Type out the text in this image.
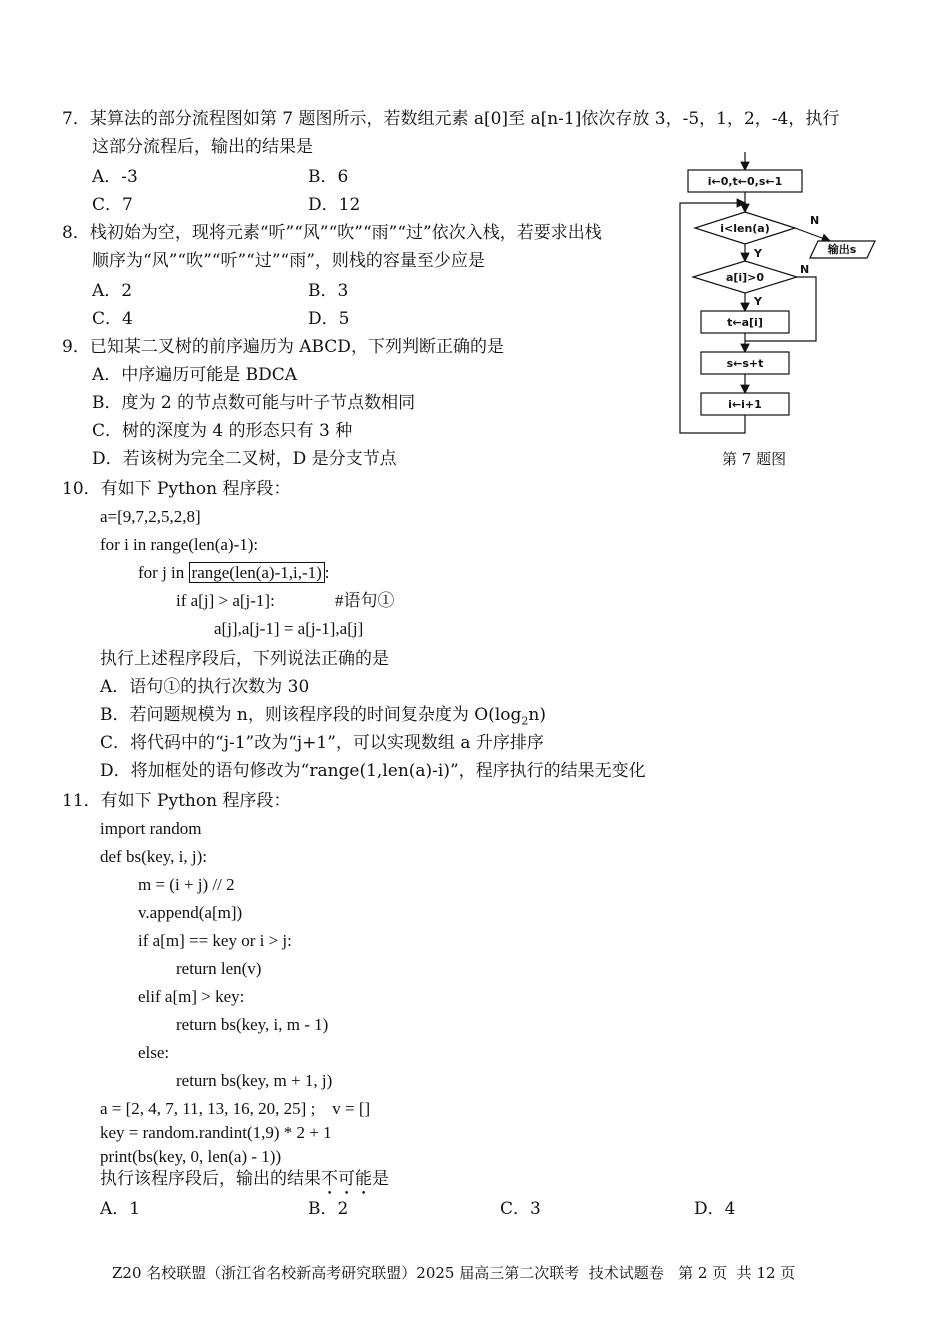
7．某算法的部分流程图如第 7 题图所示，若数组元素 a[0]至 a[n-1]依次存放 3，-5，1，2，-4，执行
这部分流程后，输出的结果是
A．-3	B．6
C．7	D．12
i←0,t←0,s←1
i<len(a)
N
输出s
Y
a[i]>0
N
Y
t←a[i]
s←s+t
i←i+1
第 7 题图
8．栈初始为空，现将元素“听”“风”“吹”“雨”“过”依次入栈，若要求出栈
顺序为“风”“吹”“听”“过”“雨”，则栈的容量至少应是
A．2	B．3
C．4	D．5
9．已知某二叉树的前序遍历为 ABCD，下列判断正确的是
A．中序遍历可能是 BDCA
B．度为 2 的节点数可能与叶子节点数相同
C．树的深度为 4 的形态只有 3 种
D．若该树为完全二叉树，D 是分支节点
10．有如下 Python 程序段：
a=[9,7,2,5,2,8]
for i in range(len(a)-1):
for j in range(len(a)-1,i,-1) :
if a[j] > a[j-1]:	#语句①
a[j],a[j-1] = a[j-1],a[j]
执行上述程序段后，下列说法正确的是
A．语句①的执行次数为 30
B．若问题规模为 n，则该程序段的时间复杂度为 $O(\log_2n)$
C．将代码中的“j-1”改为“j+1”，可以实现数组 a 升序排序
D．将加框处的语句修改为“range(1,len(a)-i)”，程序执行的结果无变化
11．有如下 Python 程序段：
import random
def bs(key, i, j):
m = (i + j) // 2
v.append(a[m])
if a[m] == key or i > j:
return len(v)
elif a[m] > key:
return bs(key, i, m - 1)
else:
return bs(key, m + 1, j)
a = [2, 4, 7, 11, 13, 16, 20, 25] ;    v = []
key = random.randint(1,9) * 2 + 1
print(bs(key, 0, len(a) - 1))
执行该程序段后，输出的结果不可能是
A．1	B．2	C．3	D．4
Z20 名校联盟（浙江省名校新高考研究联盟）2025 届高三第二次联考  技术试题卷   第 2 页  共 12 页
